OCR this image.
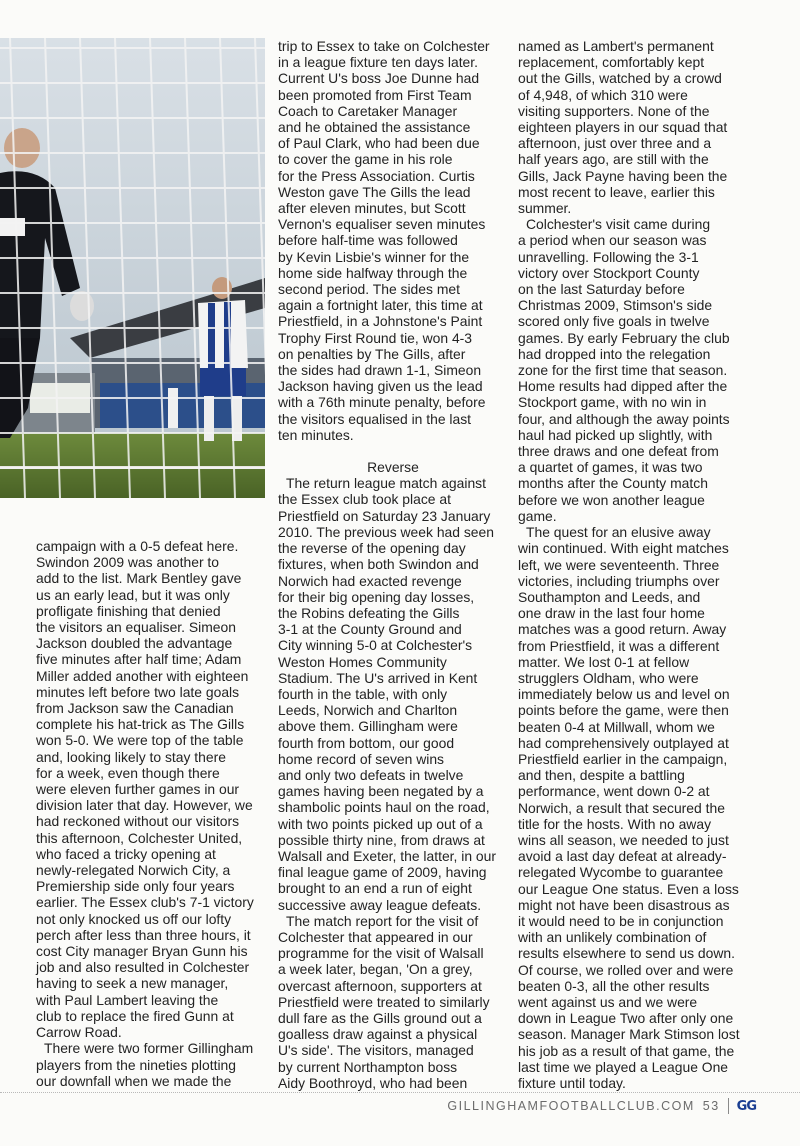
campaign with a 0-5 defeat here.
Swindon 2009 was another to
add to the list. Mark Bentley gave
us an early lead, but it was only
profligate finishing that denied
the visitors an equaliser. Simeon
Jackson doubled the advantage
five minutes after half time; Adam
Miller added another with eighteen
minutes left before two late goals
from Jackson saw the Canadian
complete his hat-trick as The Gills
won 5-0. We were top of the table
and, looking likely to stay there
for a week, even though there
were eleven further games in our
division later that day. However, we
had reckoned without our visitors
this afternoon, Colchester United,
who faced a tricky opening at
newly-relegated Norwich City, a
Premiership side only four years
earlier. The Essex club's 7-1 victory
not only knocked us off our lofty
perch after less than three hours, it
cost City manager Bryan Gunn his
job and also resulted in Colchester
having to seek a new manager,
with Paul Lambert leaving the
club to replace the fired Gunn at
Carrow Road.
There were two former Gillingham
players from the nineties plotting
our downfall when we made the
trip to Essex to take on Colchester
in a league fixture ten days later.
Current U's boss Joe Dunne had
been promoted from First Team
Coach to Caretaker Manager
and he obtained the assistance
of Paul Clark, who had been due
to cover the game in his role
for the Press Association. Curtis
Weston gave The Gills the lead
after eleven minutes, but Scott
Vernon's equaliser seven minutes
before half-time was followed
by Kevin Lisbie's winner for the
home side halfway through the
second period. The sides met
again a fortnight later, this time at
Priestfield, in a Johnstone's Paint
Trophy First Round tie, won 4-3
on penalties by The Gills, after
the sides had drawn 1-1, Simeon
Jackson having given us the lead
with a 76th minute penalty, before
the visitors equalised in the last
ten minutes.
Reverse
The return league match against
the Essex club took place at
Priestfield on Saturday 23 January
2010. The previous week had seen
the reverse of the opening day
fixtures, when both Swindon and
Norwich had exacted revenge
for their big opening day losses,
the Robins defeating the Gills
3-1 at the County Ground and
City winning 5-0 at Colchester's
Weston Homes Community
Stadium. The U's arrived in Kent
fourth in the table, with only
Leeds, Norwich and Charlton
above them. Gillingham were
fourth from bottom, our good
home record of seven wins
and only two defeats in twelve
games having been negated by a
shambolic points haul on the road,
with two points picked up out of a
possible thirty nine, from draws at
Walsall and Exeter, the latter, in our
final league game of 2009, having
brought to an end a run of eight
successive away league defeats.
The match report for the visit of
Colchester that appeared in our
programme for the visit of Walsall
a week later, began, 'On a grey,
overcast afternoon, supporters at
Priestfield were treated to similarly
dull fare as the Gills ground out a
goalless draw against a physical
U's side'. The visitors, managed
by current Northampton boss
Aidy Boothroyd, who had been
named as Lambert's permanent
replacement, comfortably kept
out the Gills, watched by a crowd
of 4,948, of which 310 were
visiting supporters. None of the
eighteen players in our squad that
afternoon, just over three and a
half years ago, are still with the
Gills, Jack Payne having been the
most recent to leave, earlier this
summer.
Colchester's visit came during
a period when our season was
unravelling. Following the 3-1
victory over Stockport County
on the last Saturday before
Christmas 2009, Stimson's side
scored only five goals in twelve
games. By early February the club
had dropped into the relegation
zone for the first time that season.
Home results had dipped after the
Stockport game, with no win in
four, and although the away points
haul had picked up slightly, with
three draws and one defeat from
a quartet of games, it was two
months after the County match
before we won another league
game.
The quest for an elusive away
win continued. With eight matches
left, we were seventeenth. Three
victories, including triumphs over
Southampton and Leeds, and
one draw in the last four home
matches was a good return. Away
from Priestfield, it was a different
matter. We lost 0-1 at fellow
strugglers Oldham, who were
immediately below us and level on
points before the game, were then
beaten 0-4 at Millwall, whom we
had comprehensively outplayed at
Priestfield earlier in the campaign,
and then, despite a battling
performance, went down 0-2 at
Norwich, a result that secured the
title for the hosts. With no away
wins all season, we needed to just
avoid a last day defeat at already-
relegated Wycombe to guarantee
our League One status. Even a loss
might not have been disastrous as
it would need to be in conjunction
with an unlikely combination of
results elsewhere to send us down.
Of course, we rolled over and were
beaten 0-3, all the other results
went against us and we were
down in League Two after only one
season. Manager Mark Stimson lost
his job as a result of that game, the
last time we played a League One
fixture until today.
GILLINGHAMFOOTBALLCLUB.COM 53 GG
